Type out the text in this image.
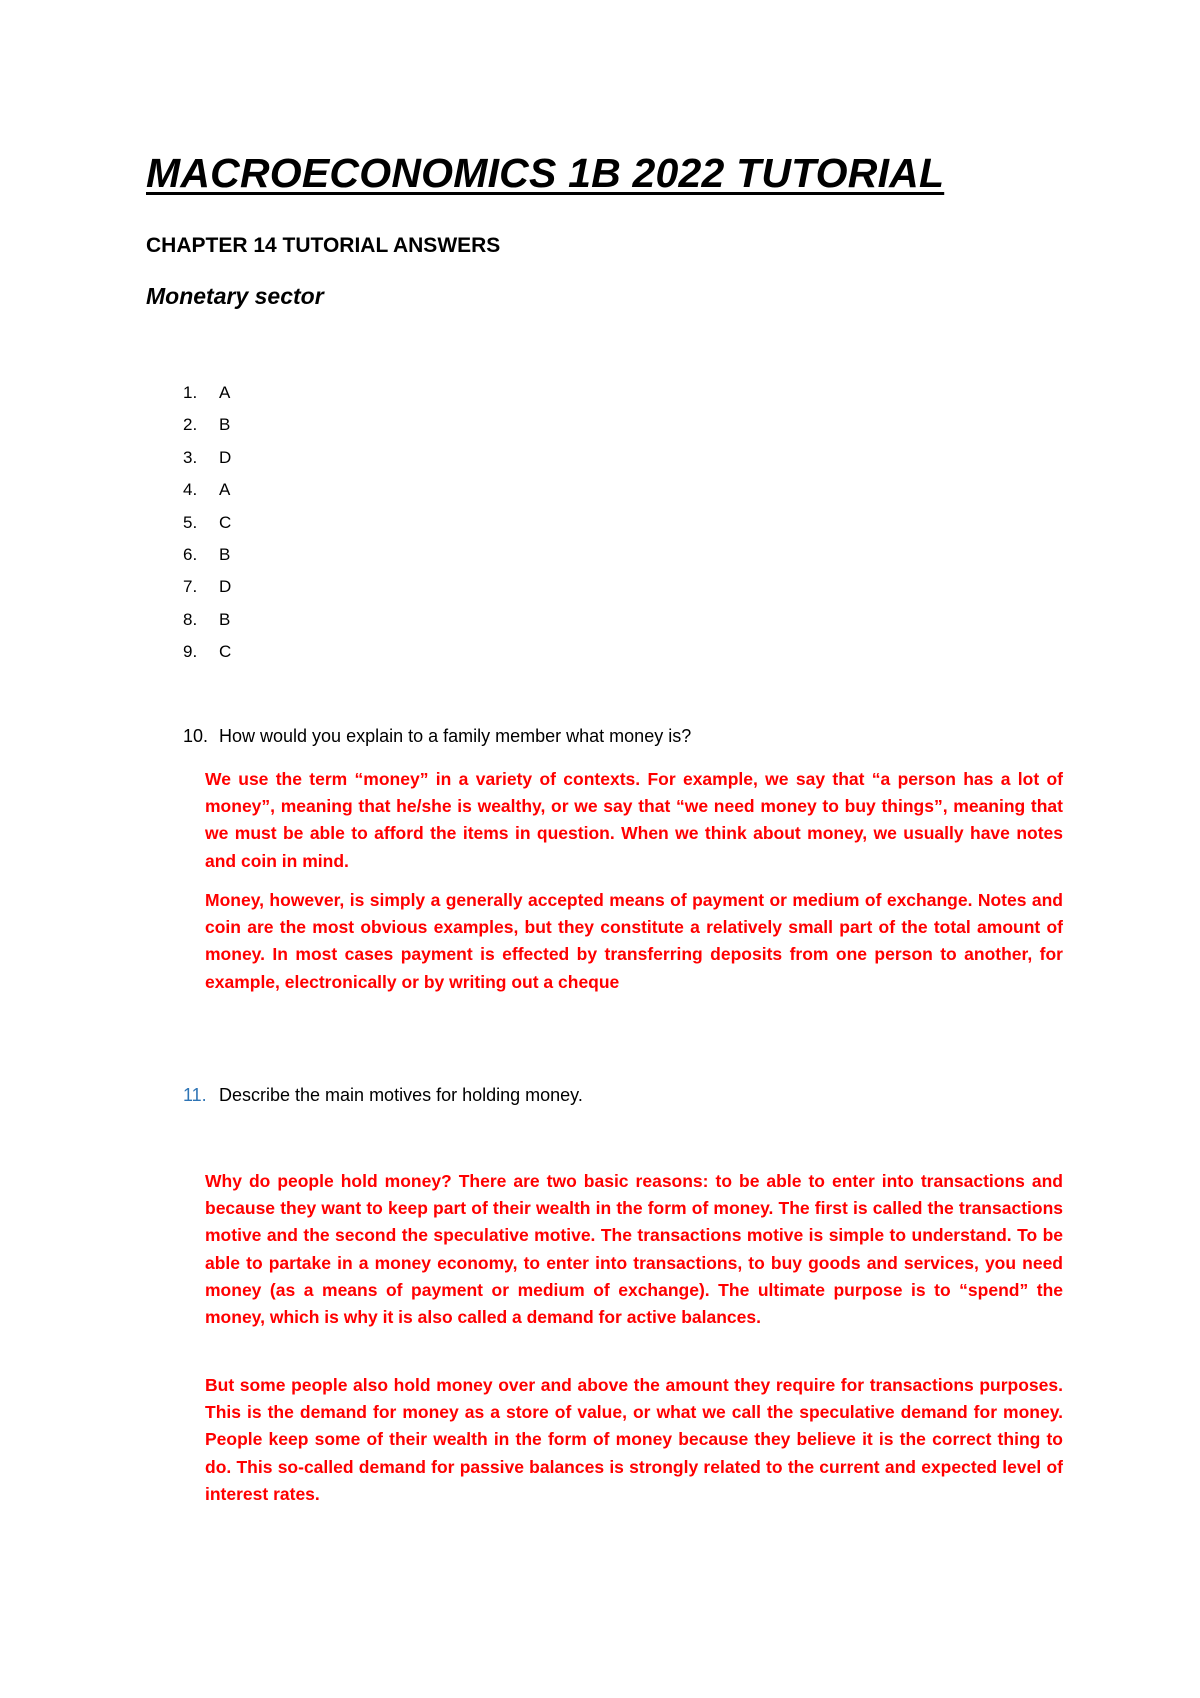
MACROECONOMICS 1B 2022 TUTORIAL
CHAPTER 14 TUTORIAL ANSWERS
Monetary sector
1. A
2. B
3. D
4. A
5. C
6. B
7. D
8. B
9. C

10. How would you explain to a family member what money is?

We use the term “money” in a variety of contexts. For example, we say that “a person has a lot of money”, meaning that he/she is wealthy, or we say that “we need money to buy things”, meaning that we must be able to afford the items in question. When we think about money, we usually have notes and coin in mind.

Money, however, is simply a generally accepted means of payment or medium of exchange. Notes and coin are the most obvious examples, but they constitute a relatively small part of the total amount of money. In most cases payment is effected by transferring deposits from one person to another, for example, electronically or by writing out a cheque

11. Describe the main motives for holding money.

Why do people hold money? There are two basic reasons: to be able to enter into transactions and because they want to keep part of their wealth in the form of money. The first is called the transactions motive and the second the speculative motive. The transactions motive is simple to understand. To be able to partake in a money economy, to enter into transactions, to buy goods and services, you need money (as a means of payment or medium of exchange). The ultimate purpose is to “spend” the money, which is why it is also called a demand for active balances.

But some people also hold money over and above the amount they require for transactions purposes. This is the demand for money as a store of value, or what we call the speculative demand for money. People keep some of their wealth in the form of money because they believe it is the correct thing to do. This so-called demand for passive balances is strongly related to the current and expected level of interest rates.
